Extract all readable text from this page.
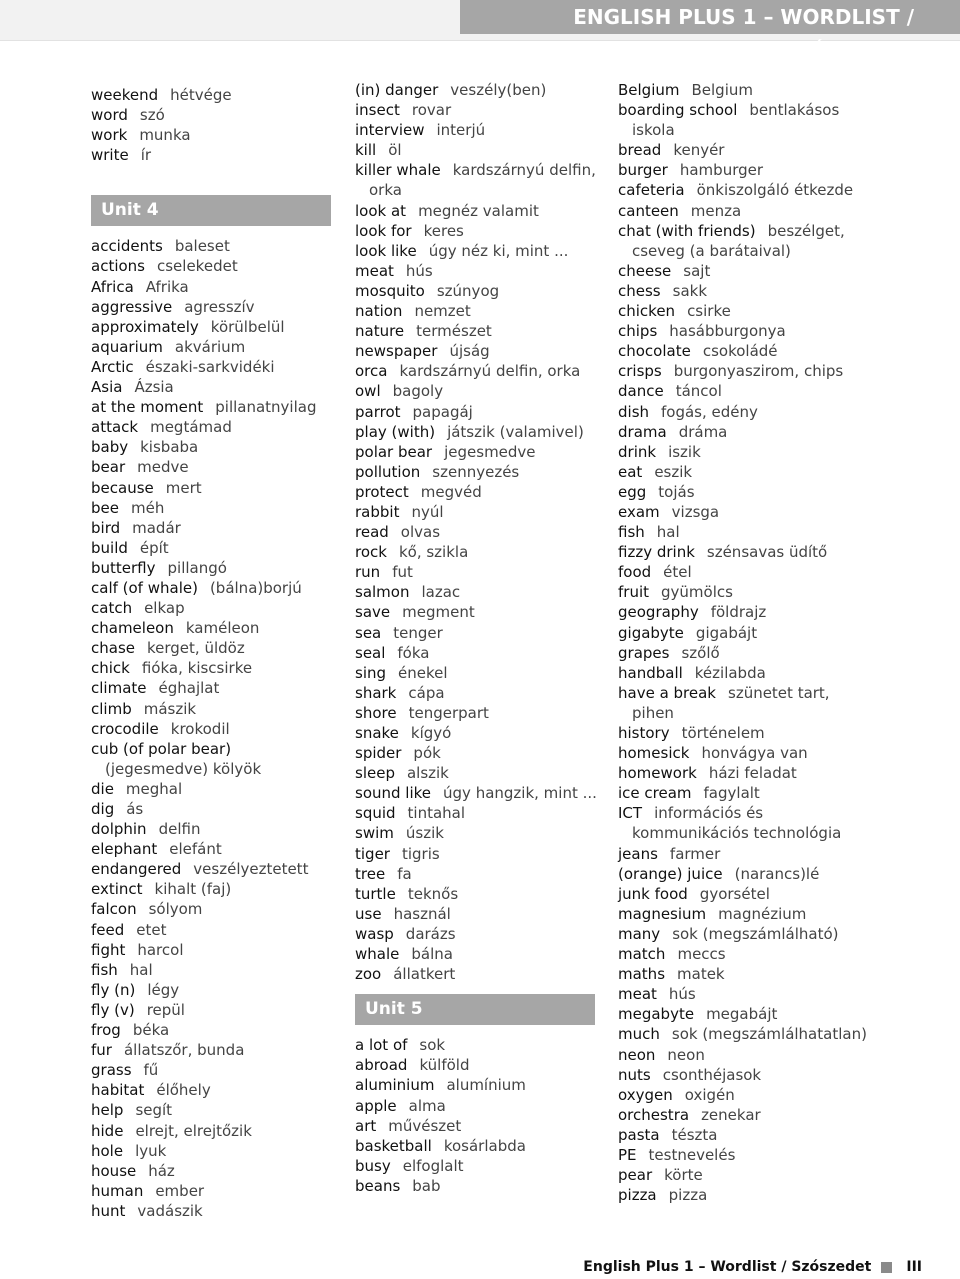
ENGLISH PLUS 1 – WORDLIST / SZÓSZEDET
weekend hétvége
word szó
work munka
write ír
Unit 4
accidents baleset
actions cselekedet
Africa Afrika
aggressive agresszív
approximately körülbelül
aquarium akvárium
Arctic északi-sarkvidéki
Asia Ázsia
at the moment pillanatnyilag
attack megtámad
baby kisbaba
bear medve
because mert
bee méh
bird madár
build épít
butterfly pillangó
calf (of whale) (bálna)borjú
catch elkap
chameleon kaméleon
chase kerget, üldöz
chick fióka, kiscsirke
climate éghajlat
climb mászik
crocodile krokodil
cub (of polar bear)(jegesmedve) kölyök
die meghal
dig ás
dolphin delfin
elephant elefánt
endangered veszélyeztetett
extinct kihalt (faj)
falcon sólyom
feed etet
fight harcol
fish hal
fly (n) légy
fly (v) repül
frog béka
fur állatszőr, bunda
grass fű
habitat élőhely
help segít
hide elrejt, elrejtőzik
hole lyuk
house ház
human ember
hunt vadászik
(in) danger veszély(ben)
insect rovar
interview interjú
kill öl
killer whale kardszárnyú delfin, orka
look at megnéz valamit
look for keres
look like úgy néz ki, mint ...
meat hús
mosquito szúnyog
nation nemzet
nature természet
newspaper újság
orca kardszárnyú delfin, orka
owl bagoly
parrot papagáj
play (with) játszik (valamivel)
polar bear jegesmedve
pollution szennyezés
protect megvéd
rabbit nyúl
read olvas
rock kő, szikla
run fut
salmon lazac
save megment
sea tenger
seal fóka
sing énekel
shark cápa
shore tengerpart
snake kígyó
spider pók
sleep alszik
sound like úgy hangzik, mint ...
squid tintahal
swim úszik
tiger tigris
tree fa
turtle teknős
use használ
wasp darázs
whale bálna
zoo állatkert
Unit 5
a lot of sok
abroad külföld
aluminium alumínium
apple alma
art művészet
basketball kosárlabda
busy elfoglalt
beans bab
Belgium Belgium
boarding school bentlakásos iskola
bread kenyér
burger hamburger
cafeteria önkiszolgáló étkezde
canteen menza
chat (with friends) beszélget, cseveg (a barátaival)
cheese sajt
chess sakk
chicken csirke
chips hasábburgonya
chocolate csokoládé
crisps burgonyaszirom, chips
dance táncol
dish fogás, edény
drama dráma
drink iszik
eat eszik
egg tojás
exam vizsga
fish hal
fizzy drink szénsavas üdítő
food étel
fruit gyümölcs
geography földrajz
gigabyte gigabájt
grapes szőlő
handball kézilabda
have a break szünetet tart, pihen
history történelem
homesick honvágya van
homework házi feladat
ice cream fagylalt
ICT információs és kommunikációs technológia
jeans farmer
(orange) juice (narancs)lé
junk food gyorsétel
magnesium magnézium
many sok (megszámlálható)
match meccs
maths matek
meat hús
megabyte megabájt
much sok (megszámlálhatatlan)
neon neon
nuts csonthéjasok
oxygen oxigén
orchestra zenekar
pasta tészta
PE testnevelés
pear körte
pizza pizza
English Plus 1 – Wordlist / Szószedet	III
